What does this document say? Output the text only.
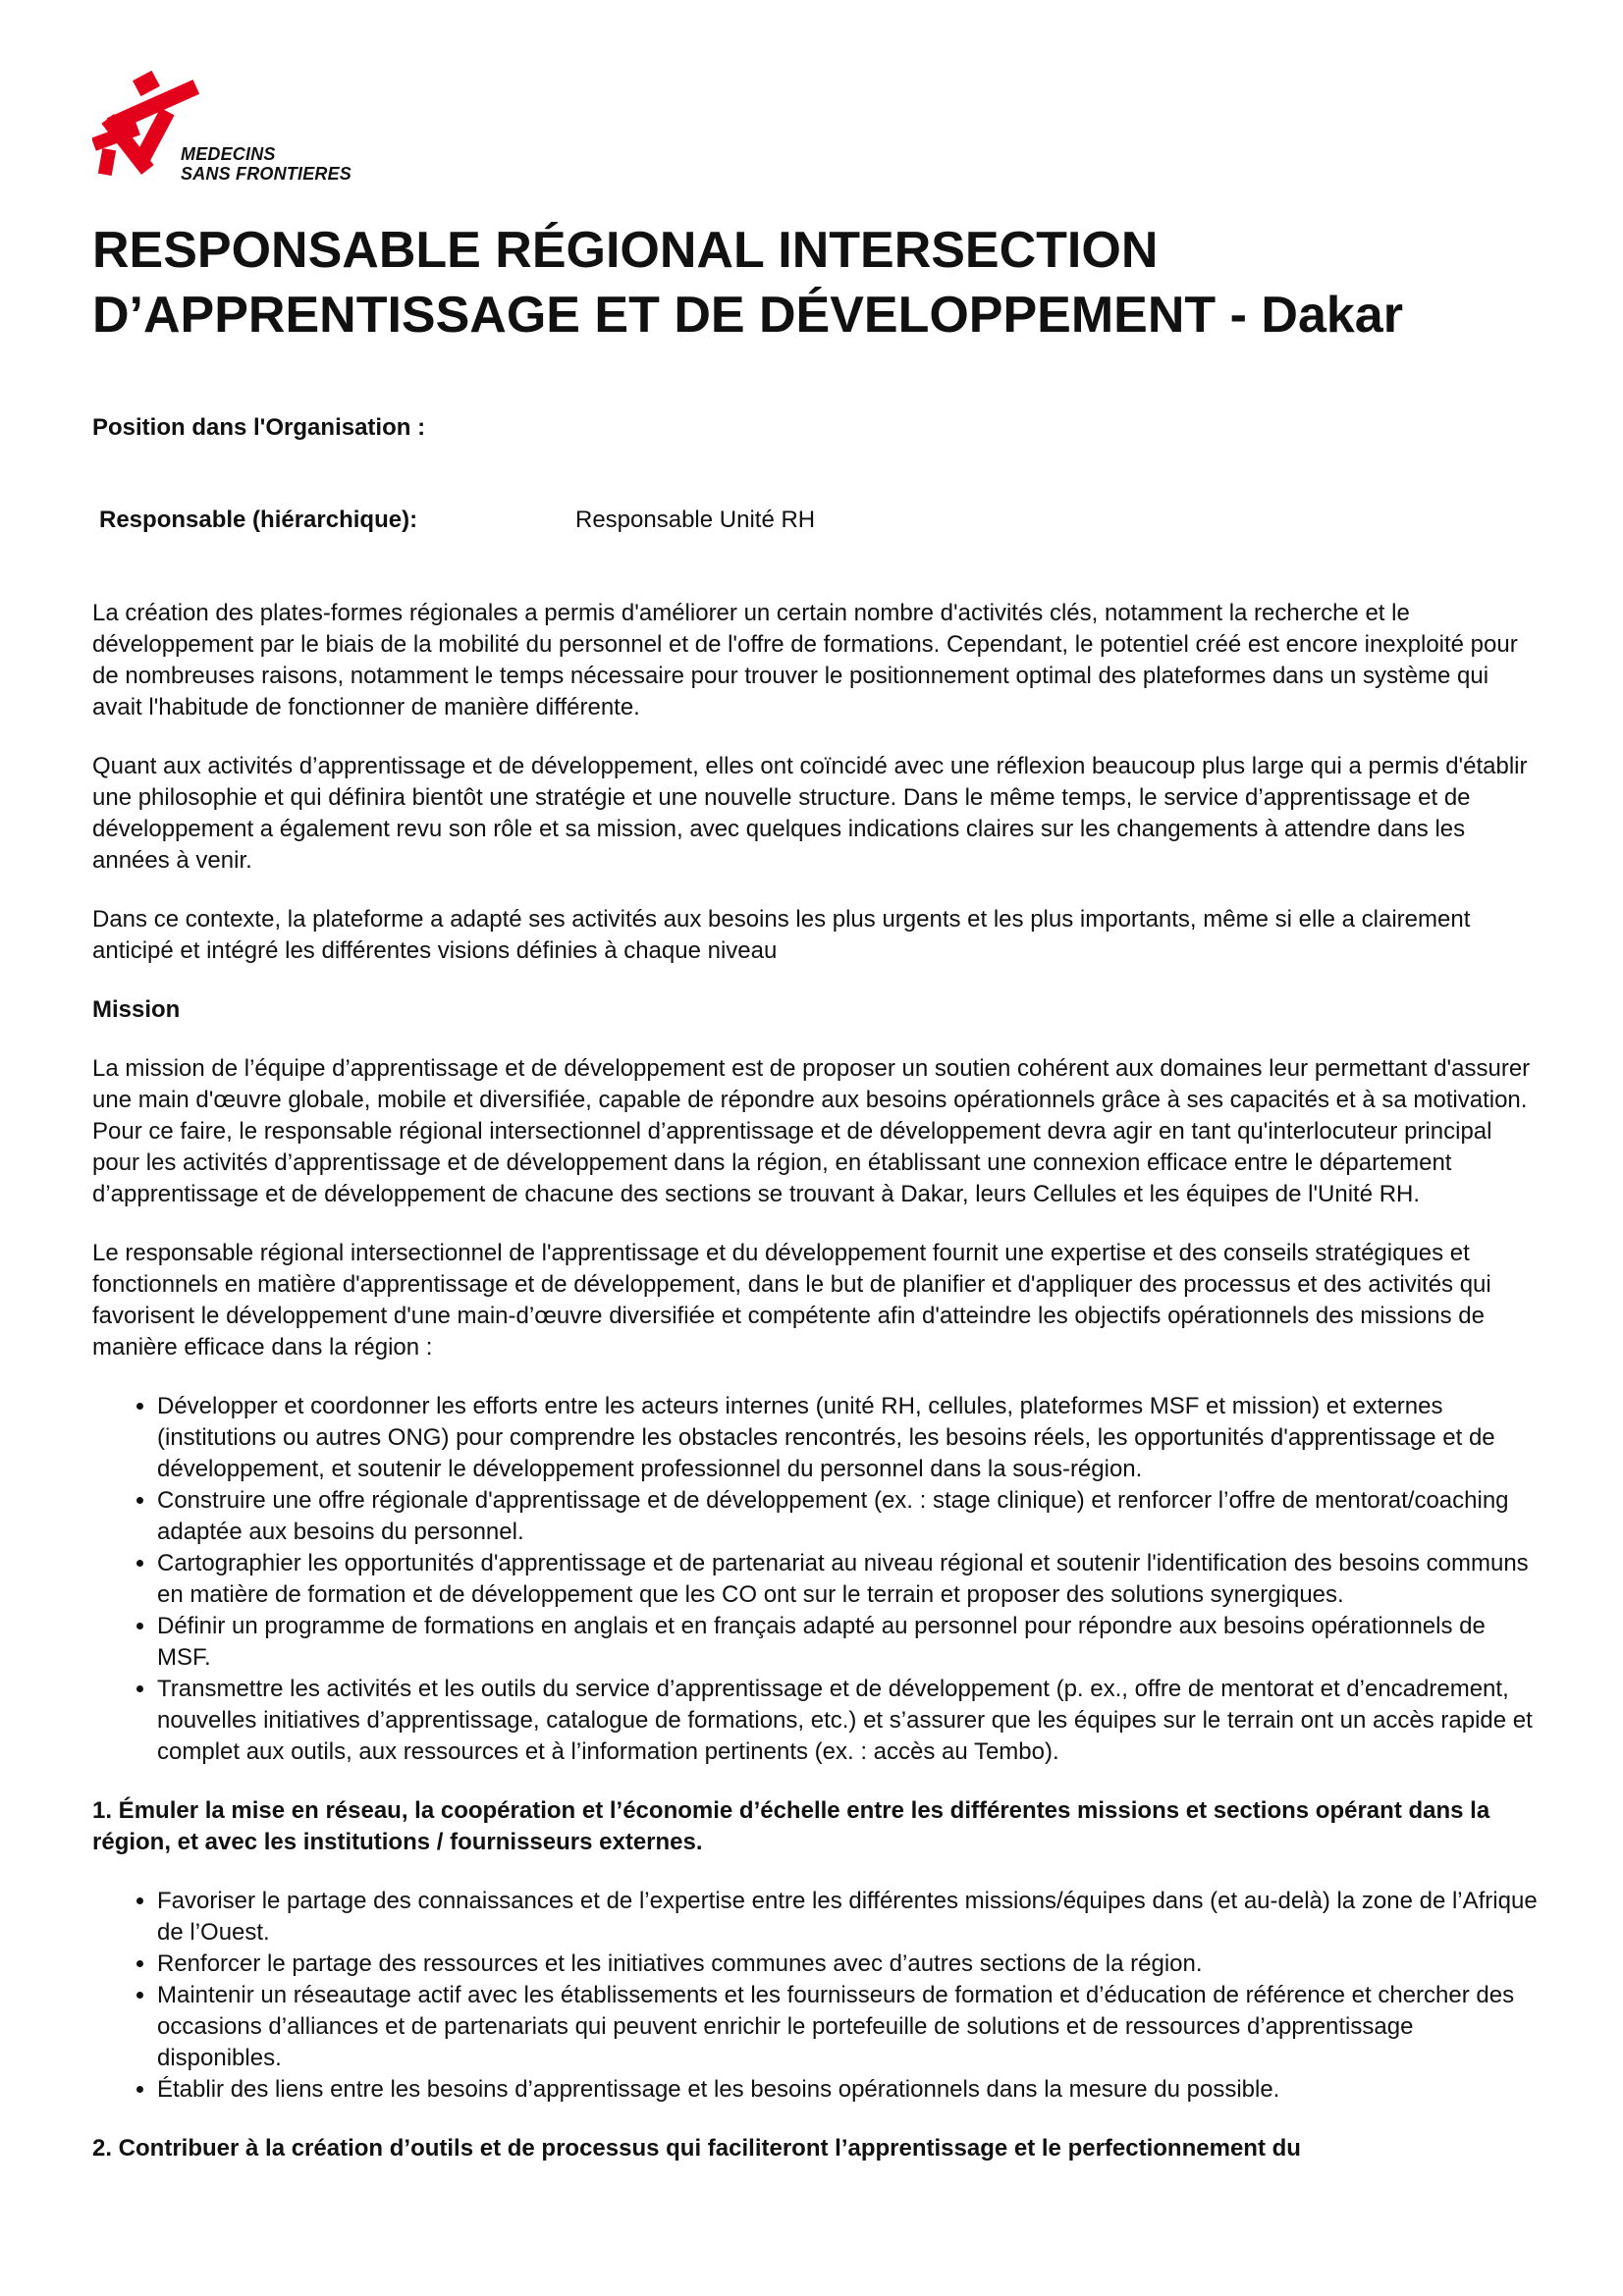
MEDECINS
SANS FRONTIERES
RESPONSABLE RÉGIONAL INTERSECTION
D’APPRENTISSAGE ET DE DÉVELOPPEMENT - Dakar
Position dans l'Organisation :
Responsable (hiérarchique):	Responsable Unité RH

La création des plates-formes régionales a permis d'améliorer un certain nombre d'activités clés, notamment la recherche et le développement par le biais de la mobilité du personnel et de l'offre de formations. Cependant, le potentiel créé est encore inexploité pour de nombreuses raisons, notamment le temps nécessaire pour trouver le positionnement optimal des plateformes dans un système qui avait l'habitude de fonctionner de manière différente.

Quant aux activités d’apprentissage et de développement, elles ont coïncidé avec une réflexion beaucoup plus large qui a permis d'établir une philosophie et qui définira bientôt une stratégie et une nouvelle structure. Dans le même temps, le service d’apprentissage et de développement a également revu son rôle et sa mission, avec quelques indications claires sur les changements à attendre dans les années à venir.

Dans ce contexte, la plateforme a adapté ses activités aux besoins les plus urgents et les plus importants, même si elle a clairement anticipé et intégré les différentes visions définies à chaque niveau

Mission

La mission de l’équipe d’apprentissage et de développement est de proposer un soutien cohérent aux domaines leur permettant d'assurer une main d'œuvre globale, mobile et diversifiée, capable de répondre aux besoins opérationnels grâce à ses capacités et à sa motivation. Pour ce faire, le responsable régional intersectionnel d’apprentissage et de développement devra agir en tant qu'interlocuteur principal pour les activités d’apprentissage et de développement dans la région, en établissant une connexion efficace entre le département d’apprentissage et de développement de chacune des sections se trouvant à Dakar, leurs Cellules et les équipes de l'Unité RH.

Le responsable régional intersectionnel de l'apprentissage et du développement fournit une expertise et des conseils stratégiques et fonctionnels en matière d'apprentissage et de développement, dans le but de planifier et d'appliquer des processus et des activités qui favorisent le développement d'une main-d’œuvre diversifiée et compétente afin d'atteindre les objectifs opérationnels des missions de manière efficace dans la région :

• Développer et coordonner les efforts entre les acteurs internes (unité RH, cellules, plateformes MSF et mission) et externes (institutions ou autres ONG) pour comprendre les obstacles rencontrés, les besoins réels, les opportunités d'apprentissage et de développement, et soutenir le développement professionnel du personnel dans la sous-région.
• Construire une offre régionale d'apprentissage et de développement (ex. : stage clinique) et renforcer l’offre de mentorat/coaching adaptée aux besoins du personnel.
• Cartographier les opportunités d'apprentissage et de partenariat au niveau régional et soutenir l'identification des besoins communs en matière de formation et de développement que les CO ont sur le terrain et proposer des solutions synergiques.
• Définir un programme de formations en anglais et en français adapté au personnel pour répondre aux besoins opérationnels de MSF.
• Transmettre les activités et les outils du service d’apprentissage et de développement (p. ex., offre de mentorat et d’encadrement, nouvelles initiatives d’apprentissage, catalogue de formations, etc.) et s’assurer que les équipes sur le terrain ont un accès rapide et complet aux outils, aux ressources et à l’information pertinents (ex. : accès au Tembo).
1. Émuler la mise en réseau, la coopération et l’économie d’échelle entre les différentes missions et sections opérant dans la région, et avec les institutions / fournisseurs externes.
• Favoriser le partage des connaissances et de l’expertise entre les différentes missions/équipes dans (et au-delà) la zone de l’Afrique de l’Ouest.
• Renforcer le partage des ressources et les initiatives communes avec d’autres sections de la région.
• Maintenir un réseautage actif avec les établissements et les fournisseurs de formation et d’éducation de référence et chercher des occasions d’alliances et de partenariats qui peuvent enrichir le portefeuille de solutions et de ressources d’apprentissage disponibles.
• Établir des liens entre les besoins d’apprentissage et les besoins opérationnels dans la mesure du possible.
2. Contribuer à la création d’outils et de processus qui faciliteront l’apprentissage et le perfectionnement du
